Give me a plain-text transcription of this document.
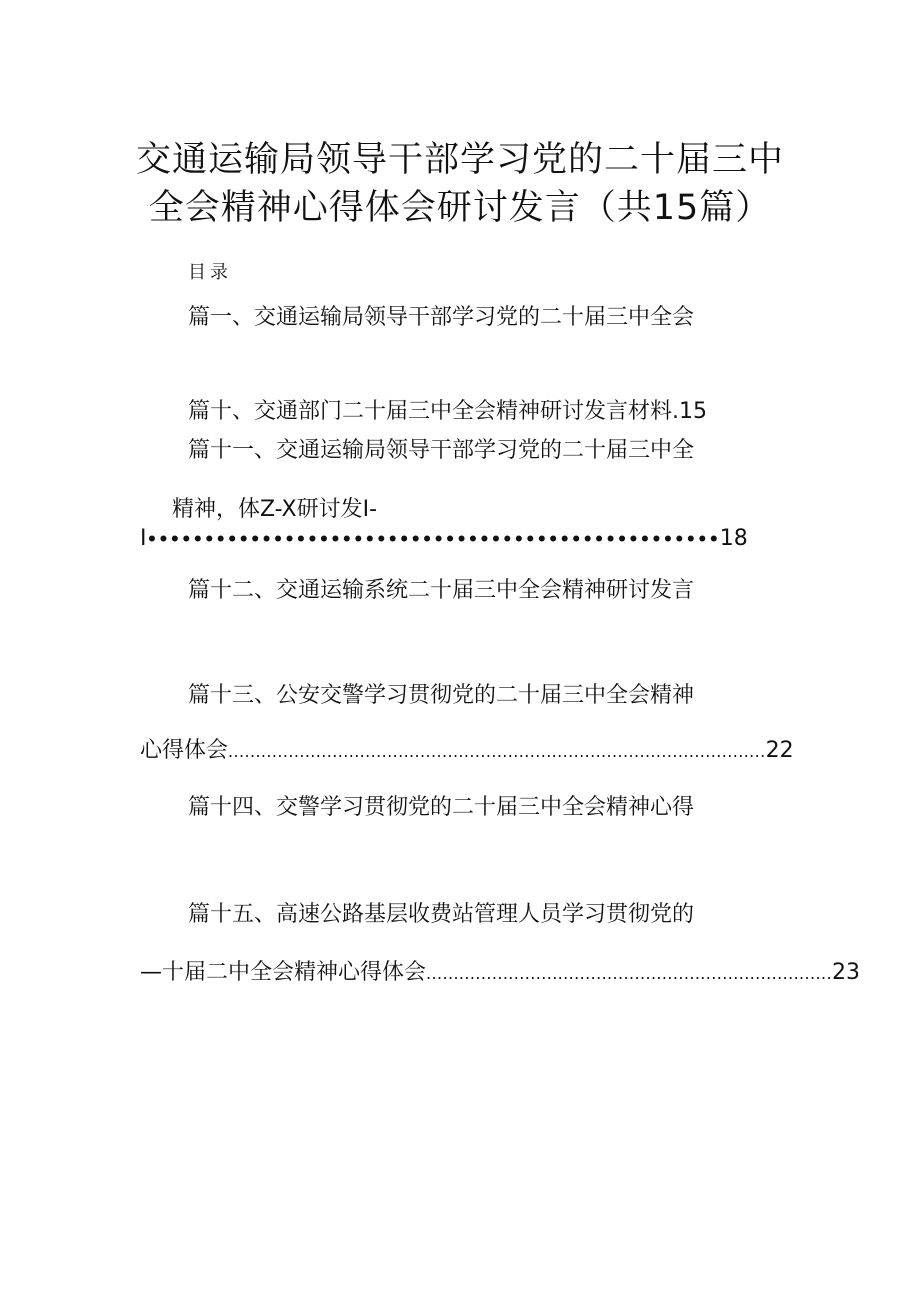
交通运输局领导干部学习党的二十届三中
全会精神心得体会研讨发言（共15篇）
目录
篇一、交通运输局领导干部学习党的二十届三中全会
篇十、交通部门二十届三中全会精神研讨发言材料.15
篇十一、交通运输局领导干部学习党的二十届三中全
精神，体Z-X研讨发I-
I••••••••••••••••••••••••••••••••••••••••••••••••••18
篇十二、交通运输系统二十届三中全会精神研讨发言
篇十三、公安交警学习贯彻党的二十届三中全会精神
心得体会..................................................................................................22
篇十四、交警学习贯彻党的二十届三中全会精神心得
篇十五、高速公路基层收费站管理人员学习贯彻党的
—十届二中全会精神心得体会..........................................................................23
